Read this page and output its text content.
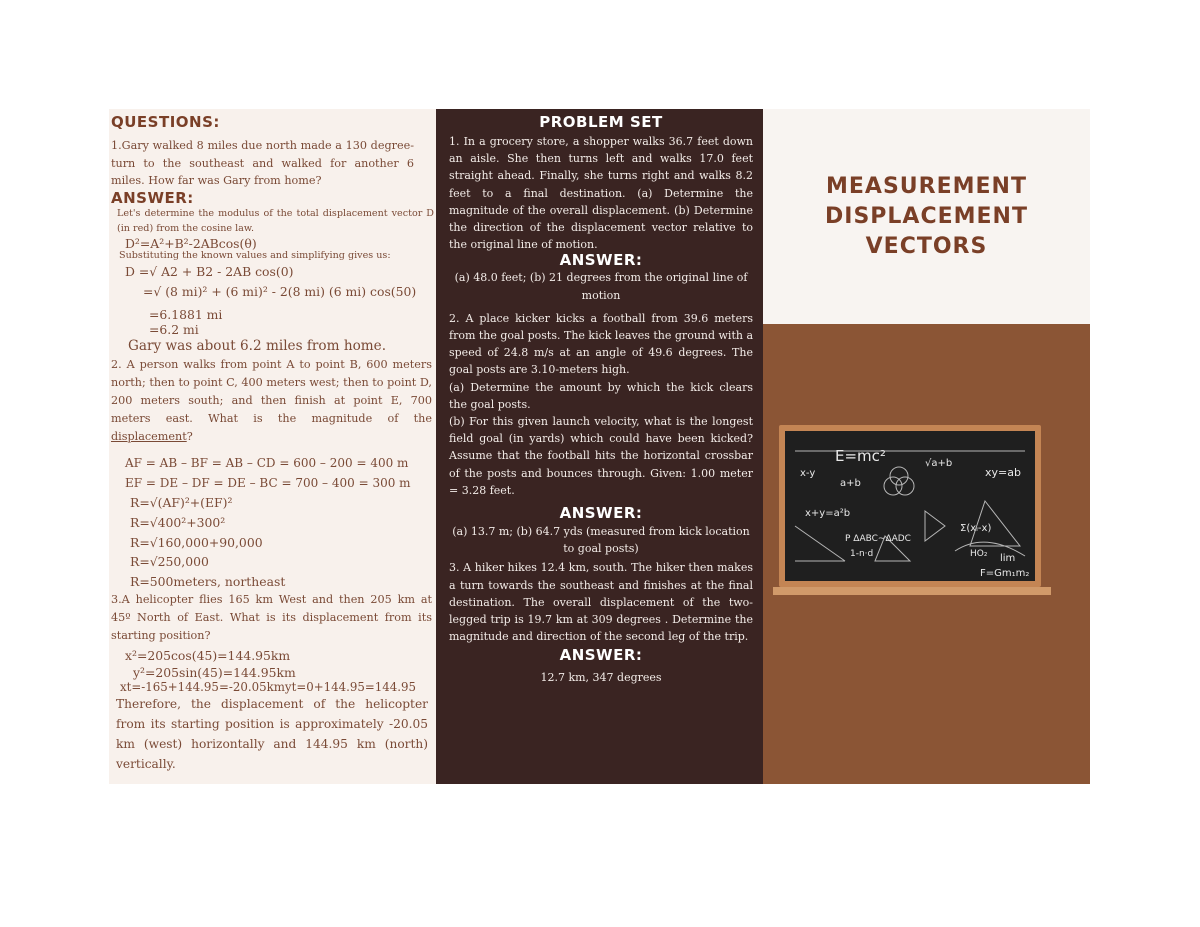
QUESTIONS:

1.Gary walked 8 miles due north made a 130 degree-turn to the southeast and walked for another 6 miles. How far was Gary from home?

ANSWER:

Let's determine the modulus of the total displacement vector D (in red) from the cosine law.

D²=A²+B²-2ABcos(θ)

Substituting the known values and simplifying gives us:

D =√ A2 + B2 - 2AB cos(0)

=√ (8 mi)² + (6 mi)² - 2(8 mi) (6 mi) cos(50)

=6.1881 mi

=6.2 mi

Gary was about 6.2 miles from home.

2. A person walks from point A to point B, 600 meters north; then to point C, 400 meters west; then to point D, 200 meters south; and then finish at point E, 700 meters east. What is the magnitude of the displacement?

AF = AB – BF = AB – CD = 600 – 200 = 400 m

EF = DE – DF = DE – BC = 700 – 400 = 300 m

R=√(AF)²+(EF)²

R=√400²+300²

R=√160,000+90,000

R=√250,000

R=500meters, northeast

3.A helicopter flies 165 km West and then 205 km at 45º North of East. What is its displacement from its starting position?

x²=205cos(45)=144.95km

y²=205sin(45)=144.95km

xt=-165+144.95=-20.05kmyt=0+144.95=144.95

Therefore, the displacement of the helicopter from its starting position is approximately -20.05 km (west) horizontally and 144.95 km (north) vertically.

PROBLEM SET

1. In a grocery store, a shopper walks 36.7 feet down an aisle. She then turns left and walks 17.0 feet straight ahead. Finally, she turns right and walks 8.2 feet to a final destination. (a) Determine the magnitude of the overall displacement. (b) Determine the direction of the displacement vector relative to the original line of motion.

ANSWER:

(a) 48.0 feet; (b) 21 degrees from the original line of motion

2. A place kicker kicks a football from 39.6 meters from the goal posts. The kick leaves the ground with a speed of 24.8 m/s at an angle of 49.6 degrees. The goal posts are 3.10-meters high.

(a) Determine the amount by which the kick clears the goal posts.

(b) For this given launch velocity, what is the longest field goal (in yards) which could have been kicked? Assume that the football hits the horizontal crossbar of the posts and bounces through. Given: 1.00 meter = 3.28 feet.

ANSWER:

(a) 13.7 m; (b) 64.7 yds (measured from kick location to goal posts)

3. A hiker hikes 12.4 km, south. The hiker then makes a turn towards the southeast and finishes at the final destination. The overall displacement of the two-legged trip is 19.7 km at 309 degrees . Determine the magnitude and direction of the second leg of the trip.

ANSWER:

12.7 km, 347 degrees

MEASUREMENT
DISPLACEMENT
VECTORS
E=mc²
x-y
a+b
xy=ab
Σ(xᵢ-x)
lim
F=Gm₁m₂
1-n·d	HO₂
P ΔABC~ΔADC
x+y=a²b
√a+b
